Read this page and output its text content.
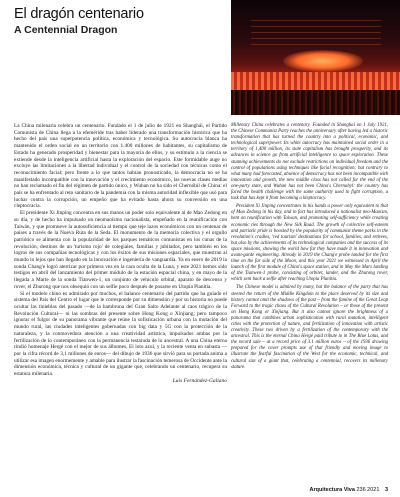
El dragón centenario
A Centennial Dragon

La China milenaria celebra un centenario. Fundado el 1 de julio de 1921 en Shanghái, el Partido Comunista de China llega a la efeméride tras haber liderado una transformación histórica que ha hecho del país una superpotencia política, económica y tecnológica. Su autocracia blanca ha mantenido el orden social en un territorio con 1.400 millones de habitantes, su capitalismo de Estado ha generado prosperidad y bienestar para la mayoría de ellos, y su estímulo a la ciencia se extiende desde la inteligencia artificial hasta la exploración del espacio. Este formidable auge no excluye las limitaciones a la libertad individual y el control de la sociedad con técnicas como el reconocimiento facial; pero frente a lo que tantos habían pronosticado, la democracia no se ha manifestado incompatible con la innovación y el crecimiento económico, las nuevas clases medias no han reclamado el fin del régimen de partido único, y Wuhan no ha sido el Chernóbil de China: el país se ha enfrentado al reto sanitario de la pandemia con la misma autoridad inflexible que usó para luchar contra la corrupción, un empeño que ha evitado hasta ahora su conversión en una cleptocracia.

El presidente Xi Jinping concentra en sus manos un poder solo equivalente al de Mao Zedong en su día, y de hecho ha impulsado un neomaoísmo nacionalista, empeñado en la reunificación con Taiwán, y que promueve la autosuficiencia al tiempo que teje lazos económicos con un centenar de países a través de la Nueva Ruta de la Seda. El monumento de la memoria colectiva y el orgullo patriótico se alimenta con la popularidad de los parques temáticos comunistas en los cunas de la revolución, destinos de un 'turismo rojo' de colegiales, familias y jubilados, pero también en los logros de sus compañías tecnológicas y con los éxitos de sus misiones espaciales, que muestran al mundo lo lejos que han llegado en la innovación e ingeniería de vanguardia. Ya en enero de 2019 la sonda Chang'e logró aterrizar por primera vez en la cara oculta de la Luna, y este 2021 hemos sido testigos en abril del lanzamiento del primer módulo de la estación espacial china, y en mayo de la llegada a Marte de la sonda Tianwen-1, un conjunto de vehículo orbital, aparato de descenso y rover, el Zhurong que nos obsequió con un selfie poco después de posarse en Utopía Planitia.

Si el modelo chino es admirado por muchos, el balance centenario del partido que ha guiado el sistema del País del Centro el lugar que le corresponde por su dimensión y por su historia no puede ocultar las tinieblas del pasado —de la hambruna del Gran Salto Adelante al caos trágico de la Revolución Cultural— ni las sombras del presente sobre Hong Kong o Xinjiang; pero tampoco ignorar el fulgor de su panorama vibrante que reúne la sofisticación urbana con la mutación del mundo rural, las ciudades inteligentes gobernadas con big data y 5G con la protección de la naturaleza, y la conmovedora atención a una creatividad artística, impulsados ambas por la fertilización de lo contemporáneo con la permanencia testaruda de lo ancestral. A una China eterna rindió homenaje Hergé con el mejor de sus álbumes, El loto azul, y la reciente venta en subasta —por la cifra récord de 3,1 millones de euros— del dibujo de 1936 que sirvió para su portada anima a utilizar esa imagen enormemente y amable para ilustrar la fascinación temerosa de Occidente ante la dimensión económica, técnica y cultural de un gigante que, celebrando un centenario, recupera su estatura milenaria.

Luis Fernández-Galiano

Millenary China celebrates a centenary. Founded in Shanghai on 1 July 1921, the Chinese Communist Party reaches the anniversary after having led a historic transformation that has turned the country into a political, economic, and technological superpower. Its white autocracy has maintained social order in a territory of 1,400 million, its state capitalism has brought prosperity, and its advances in science go from artificial intelligence to space exploration. These stunning achievements do not exclude restrictions on individual freedom and the control of populations using techniques like facial recognition; but contrary to what many had forecasted, absence of democracy has not been incompatible with innovation and growth, the new middle class has not called for the end of the one-party state, and Wuhan has not been China's Chernobyl: the country has faced the health challenge with the same authority used to fight corruption, a task that has kept it from becoming a kleptocracy.

President Xi Jinping concentrates in his hands a power only equivalent to that of Mao Zedong in his day, and in fact has introduced a nationalist neo-Maoism, bent on reunification with Taiwan, and promoting self-sufficiency while creating economic ties through the New Silk Road. The growth of collective self-esteem and patriotic pride is boosted by the popularity of communist theme parks in the revolution's cradles, 'red tourism' destinations for school, families, and retirees, but also by the achievements of its technological companies and the success of its space missions, showing the world how far they have made it in innovation and avant-garde engineering. Already in 2019 the Chang'e probe landed for the first time on the far side of the Moon, and this year 2021 we witnessed in April the launch of the first module of China's space station, and in May the Mars landing of the Tianwen-1 probe, consisting of orbiter, lander, and the Zhurong rover, which sent back a selfie after reaching Utopia Planitia.

The Chinese model is admired by many, but the balance of the party that has steered the return of the Middle Kingdom to the place deserved by its size and history cannot omit the shadows of the past – from the famine of the Great Leap Forward to the tragic chaos of the Cultural Revolution – or those of the present on Hong Kong or Xinjiang. But it also cannot ignore the brightness of a panorama that combines urban sophistication with rural mutation, intelligent cities with the protection of nature, and fertilization of innovation with artistic creativity. These two driven by a fertilization of the contemporary with the ancestral. This is the eternal China Hergé paid tribute to in The Blue Lotus, and the record sale – at a record price of 3.1 million euros – of the 1936 drawing prepared for the cover prompts use of that friendly and moving image to illustrate the fearful fascination of the West for the economic, technical, and cultural size of a giant that, celebrating a centennial, recovers its millenary stature.

Arquitectura Viva 236 2021 3
